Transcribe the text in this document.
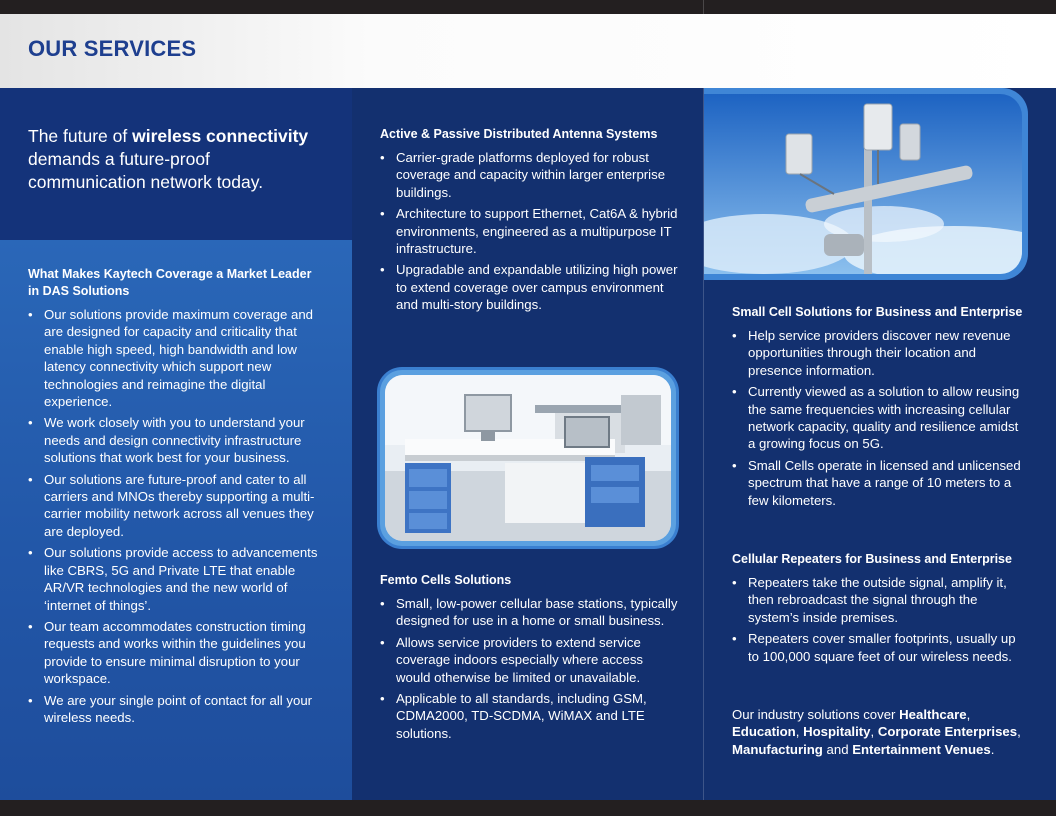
OUR SERVICES
The future of wireless connectivity demands a future-proof communication network today.

What Makes Kaytech Coverage a Market Leader in DAS Solutions

• Our solutions provide maximum coverage and are designed for capacity and criticality that enable high speed, high bandwidth and low latency connectivity which support new technologies and reimagine the digital experience.
• We work closely with you to understand your needs and design connectivity infrastructure solutions that work best for your business.
• Our solutions are future-proof and cater to all carriers and MNOs thereby supporting a multi-carrier mobility network across all venues they are deployed.
• Our solutions provide access to advancements like CBRS, 5G and Private LTE that enable AR/VR technologies and the new world of ‘internet of things’.
• Our team accommodates construction timing requests and works within the guidelines you provide to ensure minimal disruption to your workspace.
• We are your single point of contact for all your wireless needs.

Active & Passive Distributed Antenna Systems

• Carrier-grade platforms deployed for robust coverage and capacity within larger enterprise buildings.
• Architecture to support Ethernet, Cat6A & hybrid environments, engineered as a multipurpose IT infrastructure.
• Upgradable and expandable utilizing high power to extend coverage over campus environment and multi-story buildings.

Femto Cells Solutions

• Small, low-power cellular base stations, typically designed for use in a home or small business.
• Allows service providers to extend service coverage indoors especially where access would otherwise be limited or unavailable.
• Applicable to all standards, including GSM, CDMA2000, TD-SCDMA, WiMAX and LTE solutions.

Small Cell Solutions for Business and Enterprise

• Help service providers discover new revenue opportunities through their location and presence information.
• Currently viewed as a solution to allow reusing the same frequencies with increasing cellular network capacity, quality and resilience amidst a growing focus on 5G.
• Small Cells operate in licensed and unlicensed spectrum that have a range of 10 meters to a few kilometers.

Cellular Repeaters for Business and Enterprise

• Repeaters take the outside signal, amplify it, then rebroadcast the signal through the system’s inside premises.
• Repeaters cover smaller footprints, usually up to 100,000 square feet of our wireless needs.
Our industry solutions cover Healthcare, Education, Hospitality, Corporate Enterprises, Manufacturing and Entertainment Venues.
